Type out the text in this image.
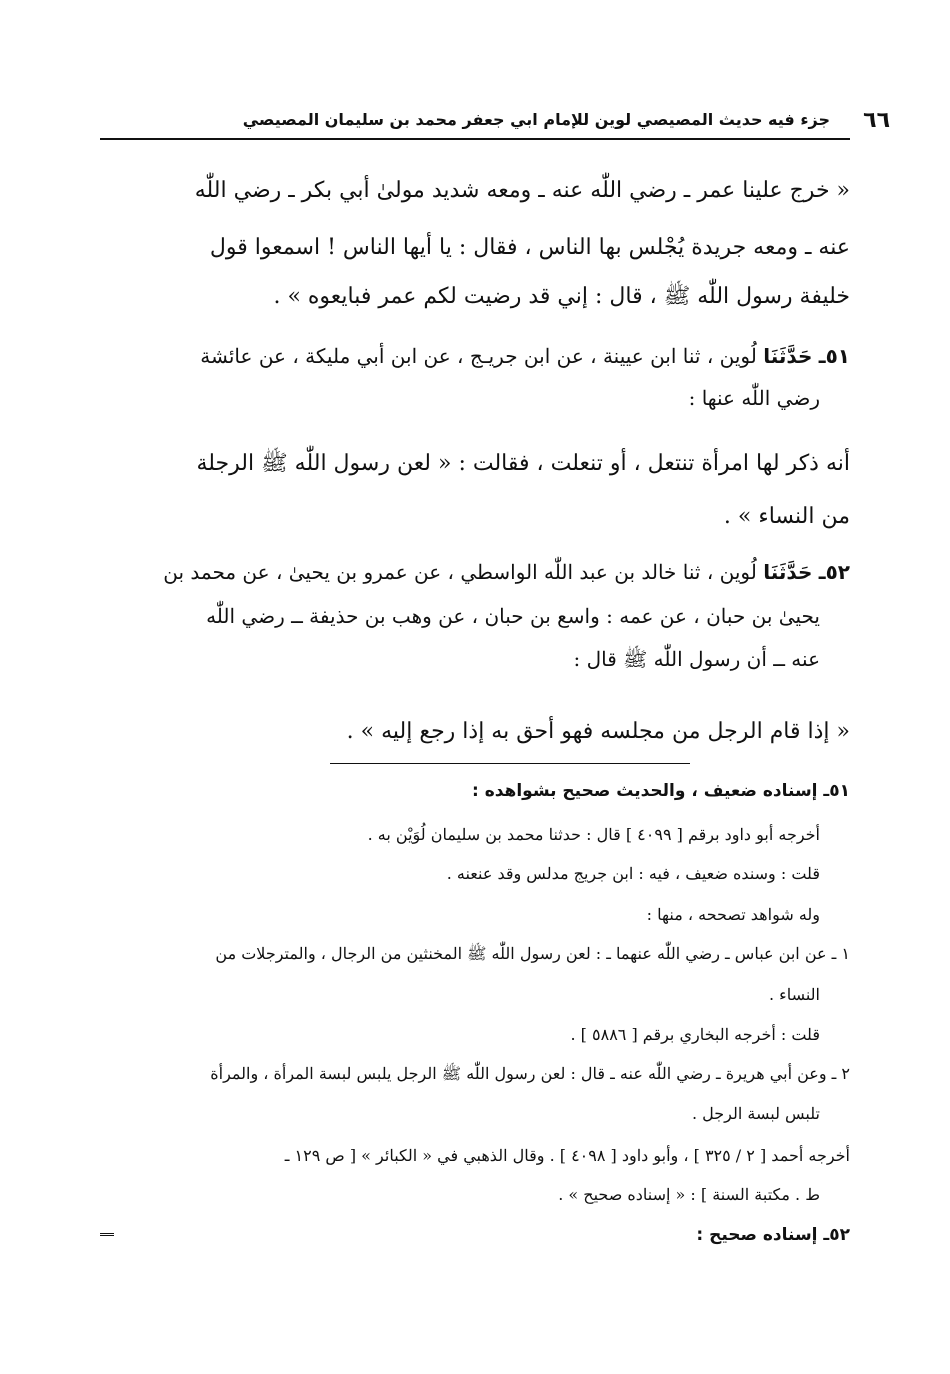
٦٦
جزء فيه حديث المصيصي لوين للإمام ابي جعفر محمد بن سليمان المصيصي
« خرج علينا عمر ـ رضي اللّٰه عنه ـ ومعه شديد مولىٰ أبي بكر ـ رضي اللّٰه
عنه ـ ومعه جريدة يُجْلس بها الناس ، فقال : يا أيها الناس ! اسمعوا قول
خليفة رسول اللّٰه ﷺ ، قال : إني قد رضيت لكم عمر فبايعوه » .
٥١ـ حَدَّثَنَا لُوين ، ثنا ابن عيينة ، عن ابن جريـج ، عن ابن أبي مليكة ، عن عائشة
رضي اللّٰه عنها :
أنه ذكر لها امرأة تنتعل ، أو تنعلت ، فقالت : « لعن رسول اللّٰه ﷺ الرجلة
من النساء » .
٥٢ـ حَدَّثَنَا لُوين ، ثنا خالد بن عبد اللّٰه الواسطي ، عن عمرو بن يحيىٰ ، عن محمد بن
يحيىٰ بن حبان ، عن عمه : واسع بن حبان ، عن وهب بن حذيفة ــ رضي اللّٰه
عنه ــ أن رسول اللّٰه ﷺ قال :
« إذا قام الرجل من مجلسه فهو أحق به إذا رجع إليه » .
٥١ـ إسناده ضعيف ، والحديث صحيح بشواهده :
أخرجه أبو داود برقم [ ٤٠٩٩ ] قال : حدثنا محمد بن سليمان لُوَيْن به .
قلت : وسنده ضعيف ، فيه : ابن جريج مدلس وقد عنعنه .
وله شواهد تصححه ، منها :
١ ـ عن ابن عباس ـ رضي اللّٰه عنهما ـ : لعن رسول اللّٰه ﷺ المخنثين من الرجال ، والمترجلات من
النساء .
قلت : أخرجه البخاري برقم [ ٥٨٨٦ ] .
٢ ـ وعن أبي هريرة ـ رضي اللّٰه عنه ـ قال : لعن رسول اللّٰه ﷺ الرجل يلبس لبسة المرأة ، والمرأة
تلبس لبسة الرجل .
أخرجه أحمد [ ٢ / ٣٢٥ ] ، وأبو داود [ ٤٠٩٨ ] . وقال الذهبي في « الكبائر » [ ص ١٢٩ ـ
ط . مكتبة السنة ] : « إسناده صحيح » .
٥٢ـ إسناده صحيح :
